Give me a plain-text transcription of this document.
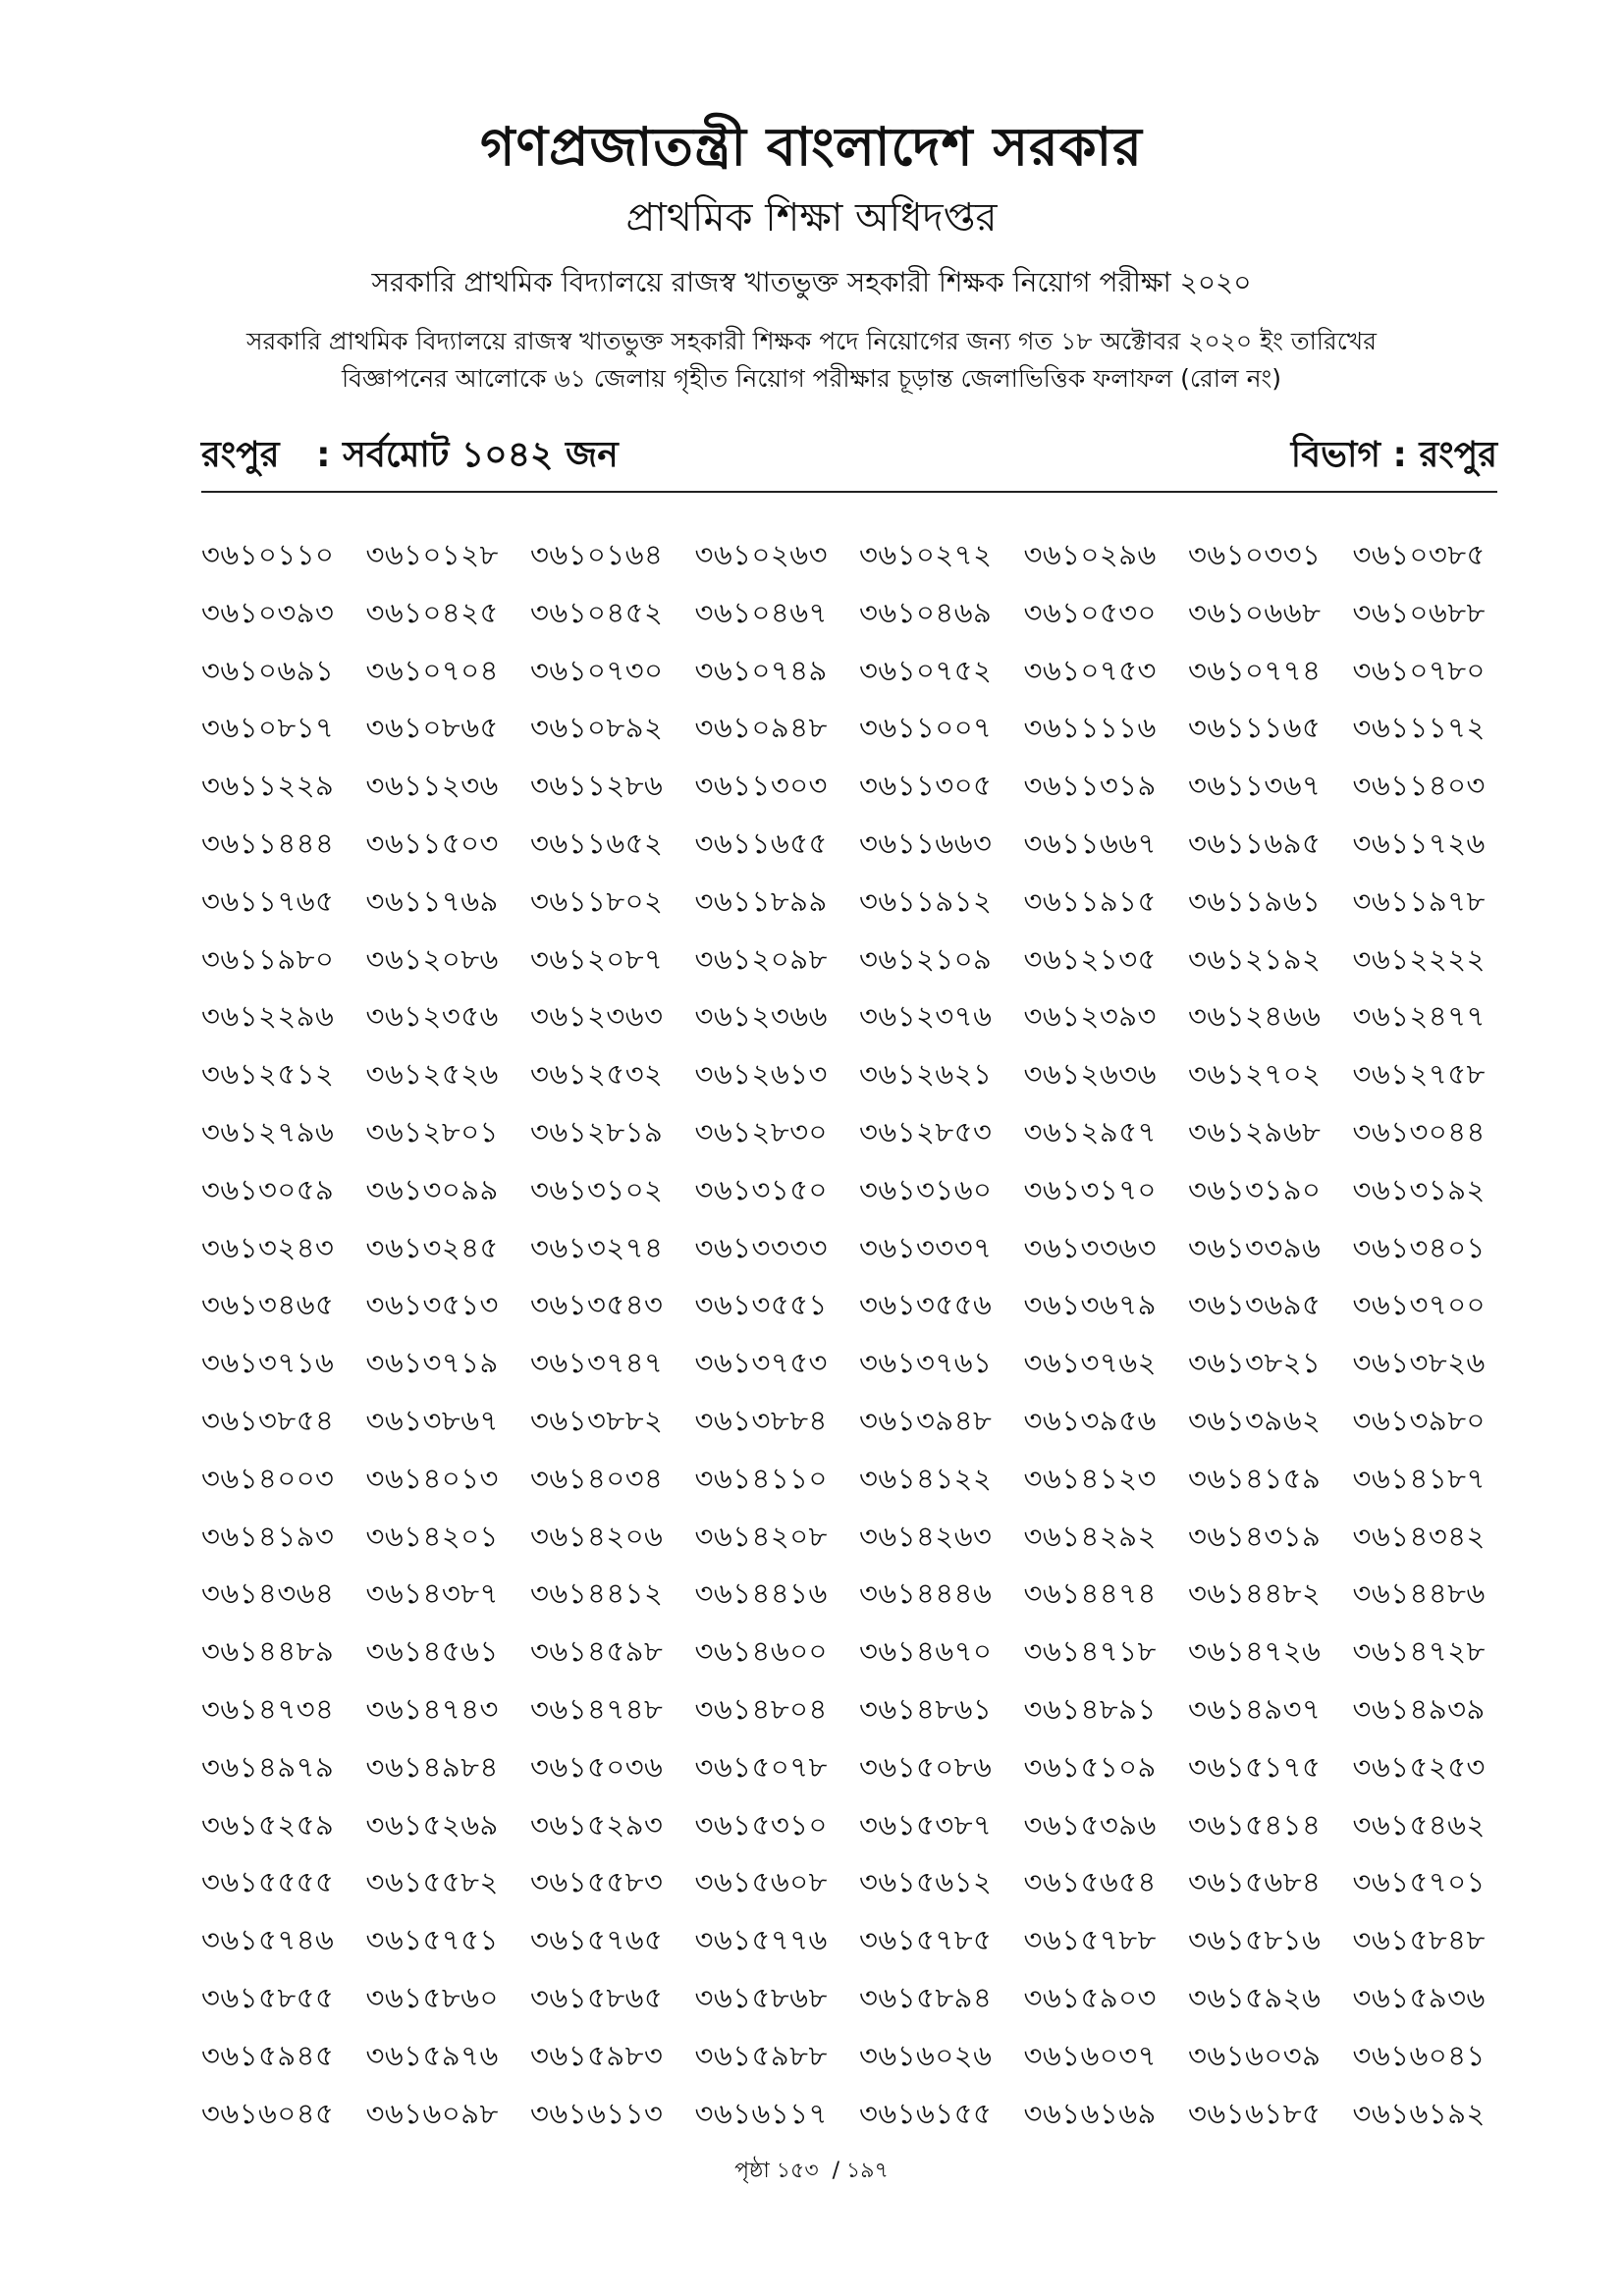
গণপ্রজাতন্ত্রী বাংলাদেশ সরকার
প্রাথমিক শিক্ষা অধিদপ্তর
সরকারি প্রাথমিক বিদ্যালয়ে রাজস্ব খাতভুক্ত সহকারী শিক্ষক নিয়োগ পরীক্ষা ২০২০
সরকারি প্রাথমিক বিদ্যালয়ে রাজস্ব খাতভুক্ত সহকারী শিক্ষক পদে নিয়োগের জন্য গত ১৮ অক্টোবর ২০২০ ইং তারিখের
বিজ্ঞাপনের আলোকে ৬১ জেলায় গৃহীত নিয়োগ পরীক্ষার চূড়ান্ত জেলাভিত্তিক ফলাফল (রোল নং)
রংপুর   : সর্বমোট ১০৪২ জন	বিভাগ : রংপুর
৩৬১০১১০	৩৬১০১২৮	৩৬১০১৬৪	৩৬১০২৬৩	৩৬১০২৭২	৩৬১০২৯৬	৩৬১০৩৩১	৩৬১০৩৮৫
৩৬১০৩৯৩	৩৬১০৪২৫	৩৬১০৪৫২	৩৬১০৪৬৭	৩৬১০৪৬৯	৩৬১০৫৩০	৩৬১০৬৬৮	৩৬১০৬৮৮
৩৬১০৬৯১	৩৬১০৭০৪	৩৬১০৭৩০	৩৬১০৭৪৯	৩৬১০৭৫২	৩৬১০৭৫৩	৩৬১০৭৭৪	৩৬১০৭৮০
৩৬১০৮১৭	৩৬১০৮৬৫	৩৬১০৮৯২	৩৬১০৯৪৮	৩৬১১০০৭	৩৬১১১১৬	৩৬১১১৬৫	৩৬১১১৭২
৩৬১১২২৯	৩৬১১২৩৬	৩৬১১২৮৬	৩৬১১৩০৩	৩৬১১৩০৫	৩৬১১৩১৯	৩৬১১৩৬৭	৩৬১১৪০৩
৩৬১১৪৪৪	৩৬১১৫০৩	৩৬১১৬৫২	৩৬১১৬৫৫	৩৬১১৬৬৩	৩৬১১৬৬৭	৩৬১১৬৯৫	৩৬১১৭২৬
৩৬১১৭৬৫	৩৬১১৭৬৯	৩৬১১৮০২	৩৬১১৮৯৯	৩৬১১৯১২	৩৬১১৯১৫	৩৬১১৯৬১	৩৬১১৯৭৮
৩৬১১৯৮০	৩৬১২০৮৬	৩৬১২০৮৭	৩৬১২০৯৮	৩৬১২১০৯	৩৬১২১৩৫	৩৬১২১৯২	৩৬১২২২২
৩৬১২২৯৬	৩৬১২৩৫৬	৩৬১২৩৬৩	৩৬১২৩৬৬	৩৬১২৩৭৬	৩৬১২৩৯৩	৩৬১২৪৬৬	৩৬১২৪৭৭
৩৬১২৫১২	৩৬১২৫২৬	৩৬১২৫৩২	৩৬১২৬১৩	৩৬১২৬২১	৩৬১২৬৩৬	৩৬১২৭০২	৩৬১২৭৫৮
৩৬১২৭৯৬	৩৬১২৮০১	৩৬১২৮১৯	৩৬১২৮৩০	৩৬১২৮৫৩	৩৬১২৯৫৭	৩৬১২৯৬৮	৩৬১৩০৪৪
৩৬১৩০৫৯	৩৬১৩০৯৯	৩৬১৩১০২	৩৬১৩১৫০	৩৬১৩১৬০	৩৬১৩১৭০	৩৬১৩১৯০	৩৬১৩১৯২
৩৬১৩২৪৩	৩৬১৩২৪৫	৩৬১৩২৭৪	৩৬১৩৩৩৩	৩৬১৩৩৩৭	৩৬১৩৩৬৩	৩৬১৩৩৯৬	৩৬১৩৪০১
৩৬১৩৪৬৫	৩৬১৩৫১৩	৩৬১৩৫৪৩	৩৬১৩৫৫১	৩৬১৩৫৫৬	৩৬১৩৬৭৯	৩৬১৩৬৯৫	৩৬১৩৭০০
৩৬১৩৭১৬	৩৬১৩৭১৯	৩৬১৩৭৪৭	৩৬১৩৭৫৩	৩৬১৩৭৬১	৩৬১৩৭৬২	৩৬১৩৮২১	৩৬১৩৮২৬
৩৬১৩৮৫৪	৩৬১৩৮৬৭	৩৬১৩৮৮২	৩৬১৩৮৮৪	৩৬১৩৯৪৮	৩৬১৩৯৫৬	৩৬১৩৯৬২	৩৬১৩৯৮০
৩৬১৪০০৩	৩৬১৪০১৩	৩৬১৪০৩৪	৩৬১৪১১০	৩৬১৪১২২	৩৬১৪১২৩	৩৬১৪১৫৯	৩৬১৪১৮৭
৩৬১৪১৯৩	৩৬১৪২০১	৩৬১৪২০৬	৩৬১৪২০৮	৩৬১৪২৬৩	৩৬১৪২৯২	৩৬১৪৩১৯	৩৬১৪৩৪২
৩৬১৪৩৬৪	৩৬১৪৩৮৭	৩৬১৪৪১২	৩৬১৪৪১৬	৩৬১৪৪৪৬	৩৬১৪৪৭৪	৩৬১৪৪৮২	৩৬১৪৪৮৬
৩৬১৪৪৮৯	৩৬১৪৫৬১	৩৬১৪৫৯৮	৩৬১৪৬০০	৩৬১৪৬৭০	৩৬১৪৭১৮	৩৬১৪৭২৬	৩৬১৪৭২৮
৩৬১৪৭৩৪	৩৬১৪৭৪৩	৩৬১৪৭৪৮	৩৬১৪৮০৪	৩৬১৪৮৬১	৩৬১৪৮৯১	৩৬১৪৯৩৭	৩৬১৪৯৩৯
৩৬১৪৯৭৯	৩৬১৪৯৮৪	৩৬১৫০৩৬	৩৬১৫০৭৮	৩৬১৫০৮৬	৩৬১৫১০৯	৩৬১৫১৭৫	৩৬১৫২৫৩
৩৬১৫২৫৯	৩৬১৫২৬৯	৩৬১৫২৯৩	৩৬১৫৩১০	৩৬১৫৩৮৭	৩৬১৫৩৯৬	৩৬১৫৪১৪	৩৬১৫৪৬২
৩৬১৫৫৫৫	৩৬১৫৫৮২	৩৬১৫৫৮৩	৩৬১৫৬০৮	৩৬১৫৬১২	৩৬১৫৬৫৪	৩৬১৫৬৮৪	৩৬১৫৭০১
৩৬১৫৭৪৬	৩৬১৫৭৫১	৩৬১৫৭৬৫	৩৬১৫৭৭৬	৩৬১৫৭৮৫	৩৬১৫৭৮৮	৩৬১৫৮১৬	৩৬১৫৮৪৮
৩৬১৫৮৫৫	৩৬১৫৮৬০	৩৬১৫৮৬৫	৩৬১৫৮৬৮	৩৬১৫৮৯৪	৩৬১৫৯০৩	৩৬১৫৯২৬	৩৬১৫৯৩৬
৩৬১৫৯৪৫	৩৬১৫৯৭৬	৩৬১৫৯৮৩	৩৬১৫৯৮৮	৩৬১৬০২৬	৩৬১৬০৩৭	৩৬১৬০৩৯	৩৬১৬০৪১
৩৬১৬০৪৫	৩৬১৬০৯৮	৩৬১৬১১৩	৩৬১৬১১৭	৩৬১৬১৫৫	৩৬১৬১৬৯	৩৬১৬১৮৫	৩৬১৬১৯২
পৃষ্ঠা ১৫৩  / ১৯৭
